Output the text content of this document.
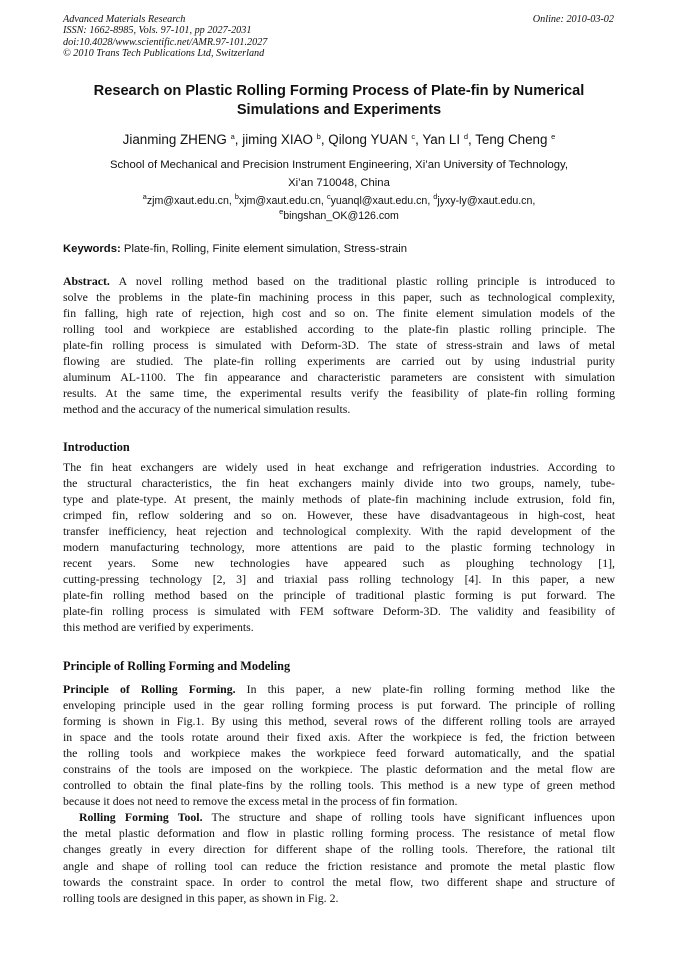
Advanced Materials Research
ISSN: 1662-8985, Vols. 97-101, pp 2027-2031
doi:10.4028/www.scientific.net/AMR.97-101.2027
© 2010 Trans Tech Publications Ltd, Switzerland
Online: 2010-03-02
Research on Plastic Rolling Forming Process of Plate-fin by Numerical
Simulations and Experiments
Jianming ZHENG $^a$, jiming XIAO $^b$, Qilong YUAN $^c$, Yan LI $^d$, Teng Cheng $^e$
School of Mechanical and Precision Instrument Engineering, Xi’an University of Technology,
Xi’an 710048, China
$^a$zjm@xaut.edu.cn, $^b$xjm@xaut.edu.cn, $^c$yuanql@xaut.edu.cn, $^d$jyxy-ly@xaut.edu.cn,
$^e$bingshan_OK@126.com
Keywords: Plate-fin, Rolling, Finite element simulation, Stress-strain
Abstract. A novel rolling method based on the traditional plastic rolling principle is introduced to
solve the problems in the plate-fin machining process in this paper, such as technological complexity,
fin falling, high rate of rejection, high cost and so on. The finite element simulation models of the
rolling tool and workpiece are established according to the plate-fin plastic rolling principle. The
plate-fin rolling process is simulated with Deform-3D. The state of stress-strain and laws of metal
flowing are studied. The plate-fin rolling experiments are carried out by using industrial purity
aluminum AL-1100. The fin appearance and characteristic parameters are consistent with simulation
results. At the same time, the experimental results verify the feasibility of plate-fin rolling forming
method and the accuracy of the numerical simulation results.
Introduction
The fin heat exchangers are widely used in heat exchange and refrigeration industries. According to
the structural characteristics, the fin heat exchangers mainly divide into two groups, namely, tube-
type and plate-type. At present, the mainly methods of plate-fin machining include extrusion, fold fin,
crimped fin, reflow soldering and so on. However, these have disadvantageous in high-cost, heat
transfer inefficiency, heat rejection and technological complexity. With the rapid development of the
modern manufacturing technology, more attentions are paid to the plastic forming technology in
recent years. Some new technologies have appeared such as ploughing technology [1],
cutting-pressing technology [2, 3] and triaxial pass rolling technology [4]. In this paper, a new
plate-fin rolling method based on the principle of traditional plastic forming is put forward. The
plate-fin rolling process is simulated with FEM software Deform-3D. The validity and feasibility of
this method are verified by experiments.
Principle of Rolling Forming and Modeling
Principle of Rolling Forming. In this paper, a new plate-fin rolling forming method like the
enveloping principle used in the gear rolling forming process is put forward. The principle of rolling
forming is shown in Fig.1. By using this method, several rows of the different rolling tools are arrayed
in space and the tools rotate around their fixed axis. After the workpiece is fed, the friction between
the rolling tools and workpiece makes the workpiece feed forward automatically, and the spatial
constrains of the tools are imposed on the workpiece. The plastic deformation and the metal flow are
controlled to obtain the final plate-fins by the rolling tools. This method is a new type of green method
because it does not need to remove the excess metal in the process of fin formation.
Rolling Forming Tool. The structure and shape of rolling tools have significant influences upon
the metal plastic deformation and flow in plastic rolling forming process. The resistance of metal flow
changes greatly in every direction for different shape of the rolling tools. Therefore, the rational tilt
angle and shape of rolling tool can reduce the friction resistance and promote the metal plastic flow
towards the constraint space. In order to control the metal flow, two different shape and structure of
rolling tools are designed in this paper, as shown in Fig. 2.
